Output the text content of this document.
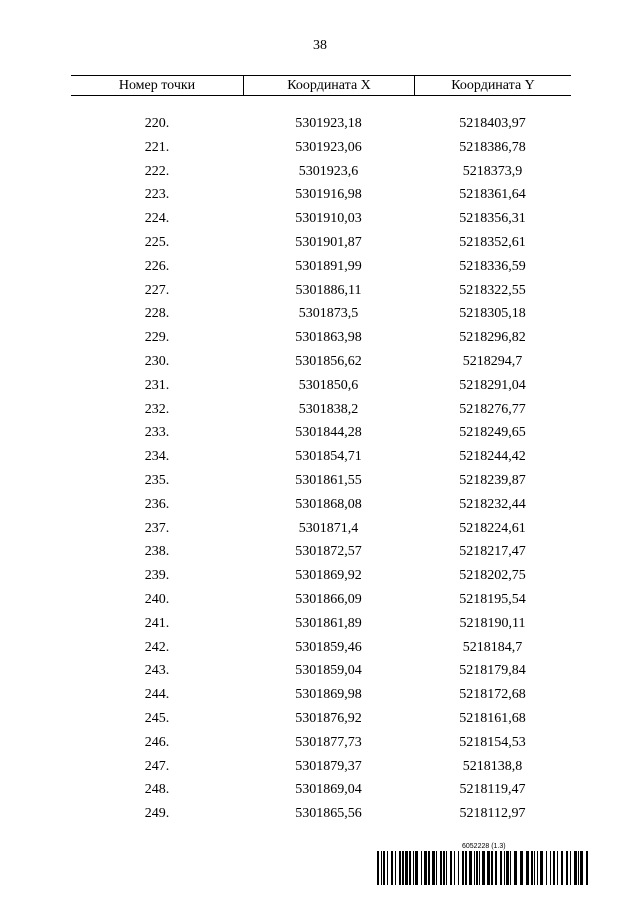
38
Номер точки	Координата X	Координата Y
220.	5301923,18	5218403,97
221.	5301923,06	5218386,78
222.	5301923,6	5218373,9
223.	5301916,98	5218361,64
224.	5301910,03	5218356,31
225.	5301901,87	5218352,61
226.	5301891,99	5218336,59
227.	5301886,11	5218322,55
228.	5301873,5	5218305,18
229.	5301863,98	5218296,82
230.	5301856,62	5218294,7
231.	5301850,6	5218291,04
232.	5301838,2	5218276,77
233.	5301844,28	5218249,65
234.	5301854,71	5218244,42
235.	5301861,55	5218239,87
236.	5301868,08	5218232,44
237.	5301871,4	5218224,61
238.	5301872,57	5218217,47
239.	5301869,92	5218202,75
240.	5301866,09	5218195,54
241.	5301861,89	5218190,11
242.	5301859,46	5218184,7
243.	5301859,04	5218179,84
244.	5301869,98	5218172,68
245.	5301876,92	5218161,68
246.	5301877,73	5218154,53
247.	5301879,37	5218138,8
248.	5301869,04	5218119,47
249.	5301865,56	5218112,97
6052228 (1.3)
